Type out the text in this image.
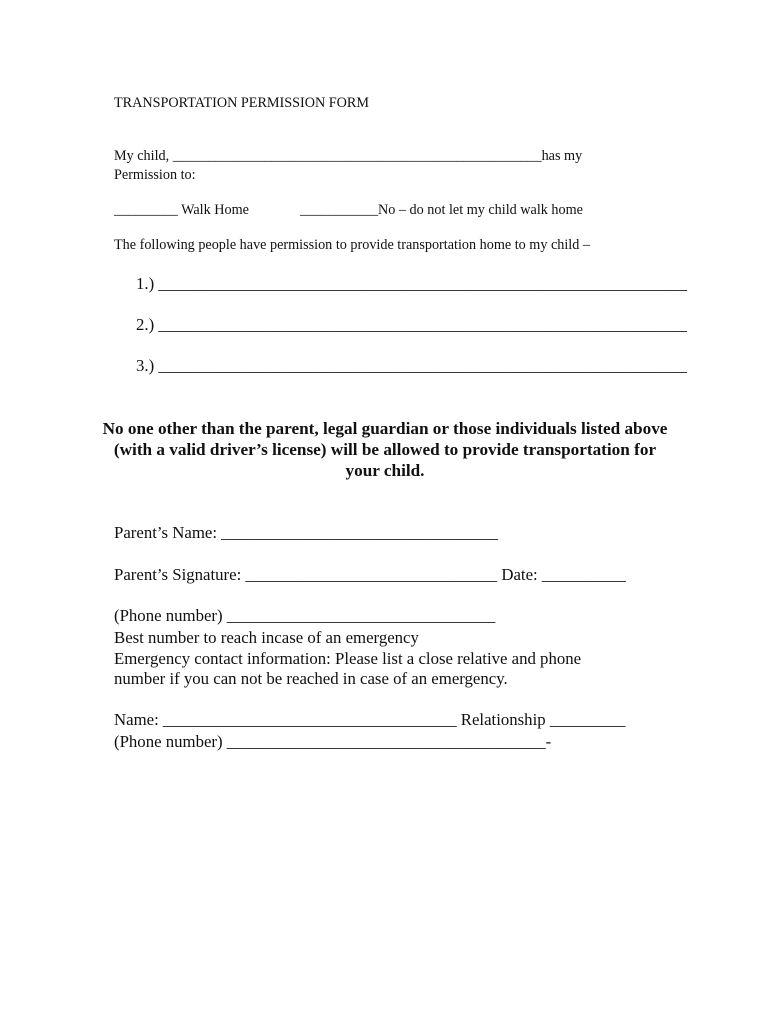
TRANSPORTATION PERMISSION FORM
My child, ____________________________________________________has my
Permission to:
_________ Walk Home	___________No – do not let my child walk home
The following people have permission to provide transportation home to my child –
1.) _______________________________________________________________
2.) _______________________________________________________________
3.) _______________________________________________________________
No one other than the parent, legal guardian or those individuals listed above (with a valid driver’s license) will be allowed to provide transportation for your child.
Parent’s Name: _________________________________
Parent’s Signature: ______________________________ Date: __________
(Phone number) ________________________________
Best number to reach incase of an emergency
Emergency contact information: Please list a close relative and phone
number if you can not be reached in case of an emergency.
Name: ___________________________________ Relationship _________
(Phone number) ______________________________________-
